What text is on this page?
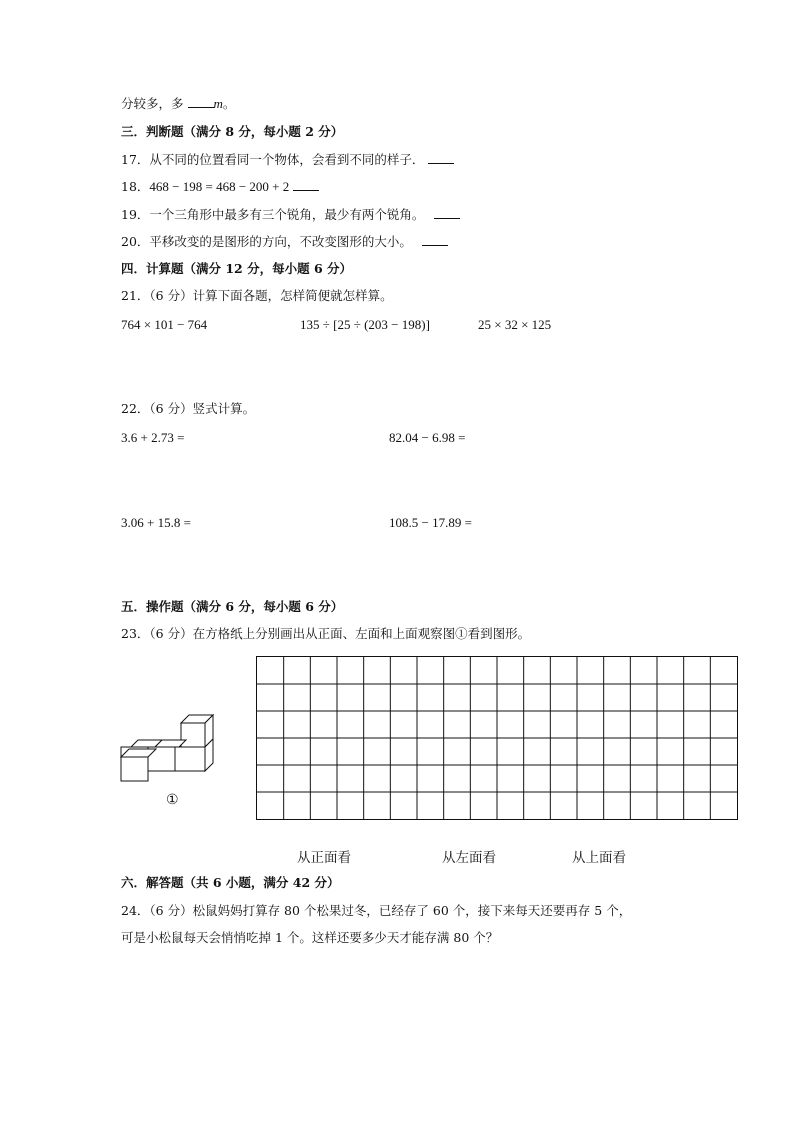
分较多，多 m。
三．判断题（满分 8 分，每小题 2 分）
17．从不同的位置看同一个物体，会看到不同的样子．
18．468 − 198 = 468 − 200 + 2
19．一个三角形中最多有三个锐角，最少有两个锐角。
20．平移改变的是图形的方向，不改变图形的大小。
四．计算题（满分 12 分，每小题 6 分）
21．（6 分）计算下面各题，怎样简便就怎样算。
764 × 101 − 764	135 ÷ [25 ÷ (203 − 198)]	25 × 32 × 125
22．（6 分）竖式计算。
3.6 + 2.73 =	82.04 − 6.98 =
3.06 + 15.8 =	108.5 − 17.89 =
五．操作题（满分 6 分，每小题 6 分）
23．（6 分）在方格纸上分别画出从正面、左面和上面观察图①看到图形。
①
从正面看	从左面看	从上面看
六．解答题（共 6 小题，满分 42 分）
24．（6 分）松鼠妈妈打算存 80 个松果过冬，已经存了 60 个，接下来每天还要再存 5 个，
可是小松鼠每天会悄悄吃掉 1 个。这样还要多少天才能存满 80 个？
